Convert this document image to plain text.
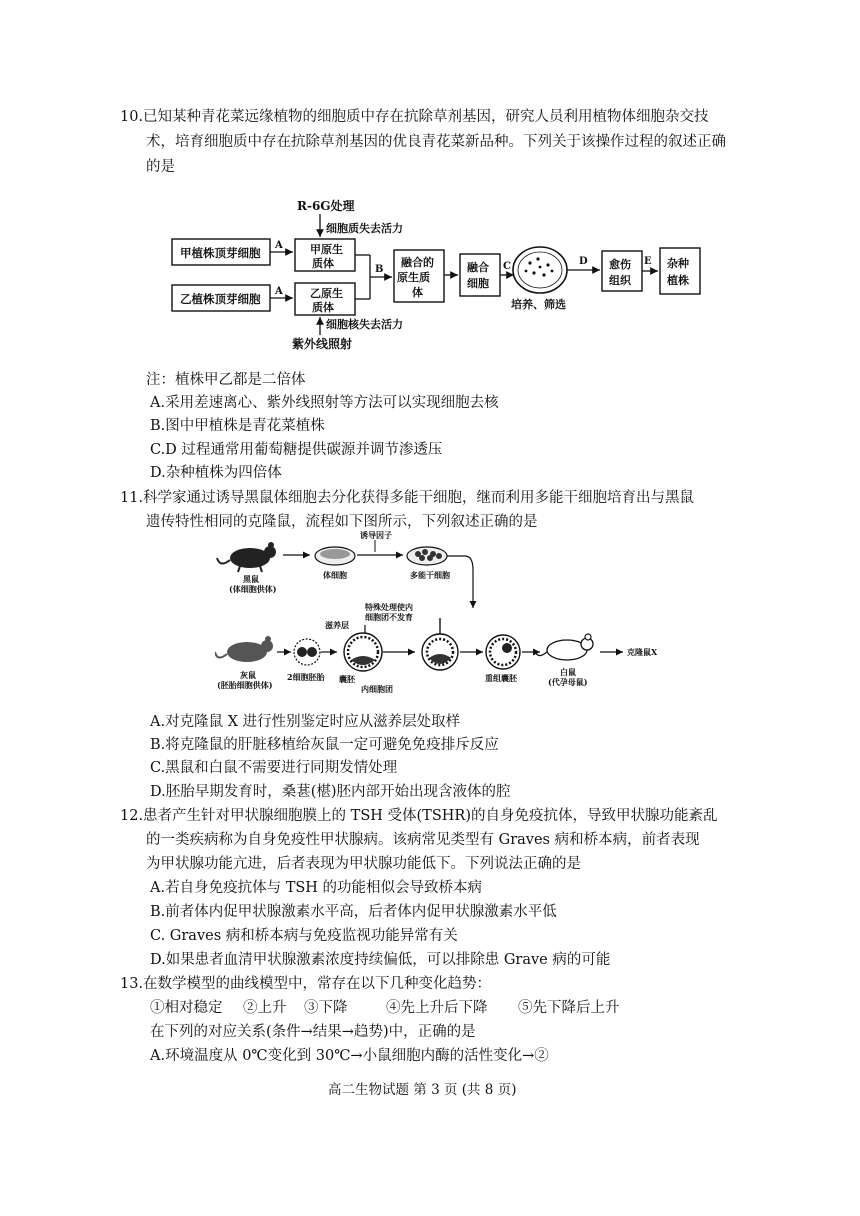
10.已知某种青花菜远缘植物的细胞质中存在抗除草剂基因，研究人员利用植物体细胞杂交技
术，培育细胞质中存在抗除草剂基因的优良青花菜新品种。下列关于该操作过程的叙述正确
的是
R-6G处理
细胞质失去活力
甲植株顶芽细胞
A 甲原生
质体
乙植株顶芽细胞
A 乙原生
质体
B
融合的
原生质
体
融合
细胞
C
培养、筛选
D 愈伤
组织
E 杂种
植株
细胞核失去活力
紫外线照射
注：植株甲乙都是二倍体
A.采用差速离心、紫外线照射等方法可以实现细胞去核
B.图中甲植株是青花菜植株
C.D 过程通常用葡萄糖提供碳源并调节渗透压
D.杂种植株为四倍体
11.科学家通过诱导黑鼠体细胞去分化获得多能干细胞，继而利用多能干细胞培育出与黑鼠
遗传特性相同的克隆鼠，流程如下图所示，下列叙述正确的是
黑鼠
(体细胞供体)
体细胞
诱导因子
多能干细胞
特殊处理使内
细胞团不发育
灰鼠
(胚胎细胞供体)
2细胞胚胎
滋养层
囊胚
内细胞团
重组囊胚
白鼠
(代孕母鼠)
克隆鼠X
A.对克隆鼠 X 进行性别鉴定时应从滋养层处取样
B.将克隆鼠的肝脏移植给灰鼠一定可避免免疫排斥反应
C.黑鼠和白鼠不需要进行同期发情处理
D.胚胎早期发育时，桑葚(椹)胚内部开始出现含液体的腔
12.患者产生针对甲状腺细胞膜上的 TSH 受体(TSHR)的自身免疫抗体，导致甲状腺功能紊乱
的一类疾病称为自身免疫性甲状腺病。该病常见类型有 Graves 病和桥本病，前者表现
为甲状腺功能亢进，后者表现为甲状腺功能低下。下列说法正确的是
A.若自身免疫抗体与 TSH 的功能相似会导致桥本病
B.前者体内促甲状腺激素水平高，后者体内促甲状腺激素水平低
C. Graves 病和桥本病与免疫监视功能异常有关
D.如果患者血清甲状腺激素浓度持续偏低，可以排除患 Grave 病的可能
13.在数学模型的曲线模型中，常存在以下几种变化趋势：
①相对稳定 ②上升 ③下降	④先上升后下降 ⑤先下降后上升
在下列的对应关系(条件→结果→趋势)中，正确的是
A.环境温度从 0℃变化到 30℃→小鼠细胞内酶的活性变化→②
高二生物试题 第 3 页 (共 8 页)
